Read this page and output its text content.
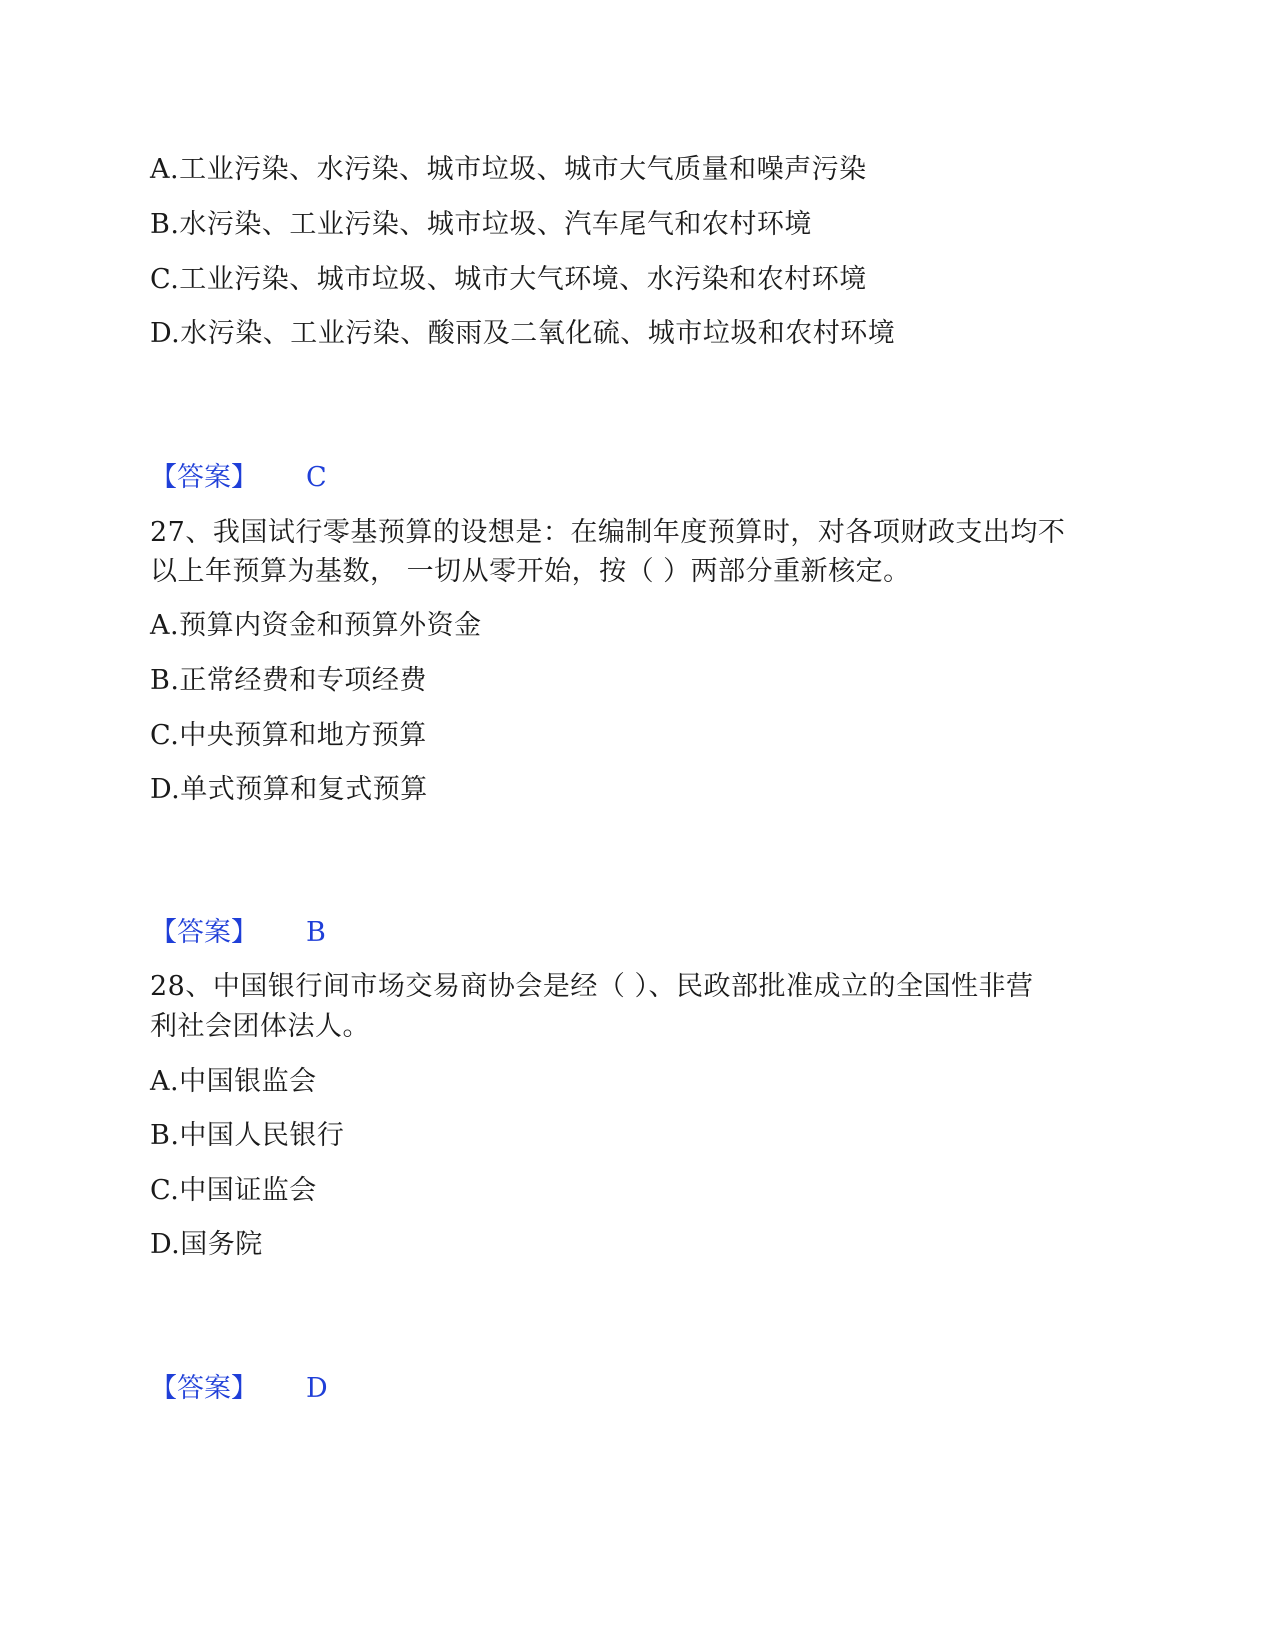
A.工业污染、水污染、城市垃圾、城市大气质量和噪声污染
B.水污染、工业污染、城市垃圾、汽车尾气和农村环境
C.工业污染、城市垃圾、城市大气环境、水污染和农村环境
D.水污染、工业污染、酸雨及二氧化硫、城市垃圾和农村环境
【答案】 C
27、我国试行零基预算的设想是：在编制年度预算时，对各项财政支出均不
以上年预算为基数， 一切从零开始，按（ ）两部分重新核定。
A.预算内资金和预算外资金
B.正常经费和专项经费
C.中央预算和地方预算
D.单式预算和复式预算
【答案】 B
28、中国银行间市场交易商协会是经（ ）、民政部批准成立的全国性非营
利社会团体法人。
A.中国银监会
B.中国人民银行
C.中国证监会
D.国务院
【答案】 D
